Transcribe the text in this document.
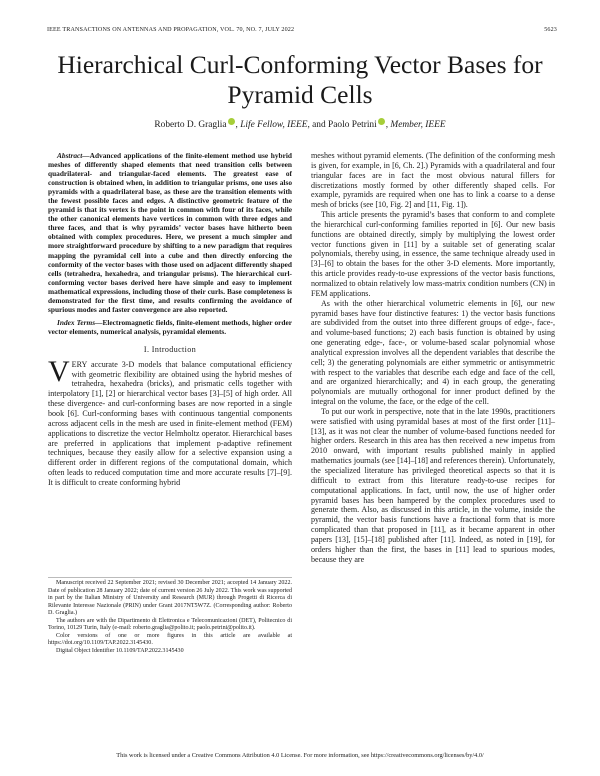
IEEE TRANSACTIONS ON ANTENNAS AND PROPAGATION, VOL. 70, NO. 7, JULY 2022	5623
Hierarchical Curl-Conforming Vector Bases for Pyramid Cells
Roberto D. Graglia , Life Fellow, IEEE, and Paolo Petrini , Member, IEEE

Abstract—Advanced applications of the finite-element method use hybrid meshes of differently shaped elements that need transition cells between quadrilateral- and triangular-faced elements. The greatest ease of construction is obtained when, in addition to triangular prisms, one uses also pyramids with a quadrilateral base, as these are the transition elements with the fewest possible faces and edges. A distinctive geometric feature of the pyramid is that its vertex is the point in common with four of its faces, while the other canonical elements have vertices in common with three edges and three faces, and that is why pyramids’ vector bases have hitherto been obtained with complex procedures. Here, we present a much simpler and more straightforward procedure by shifting to a new paradigm that requires mapping the pyramidal cell into a cube and then directly enforcing the conformity of the vector bases with those used on adjacent differently shaped cells (tetrahedra, hexahedra, and triangular prisms). The hierarchical curl-conforming vector bases derived here have simple and easy to implement mathematical expressions, including those of their curls. Base completeness is demonstrated for the first time, and results confirming the avoidance of spurious modes and faster convergence are also reported.

Index Terms—Electromagnetic fields, finite-element methods, higher order vector elements, numerical analysis, pyramidal elements.

I. Introduction

VERY accurate 3-D models that balance computational efficiency with geometric flexibility are obtained using the hybrid meshes of tetrahedra, hexahedra (bricks), and prismatic cells together with interpolatory [1], [2] or hierarchical vector bases [3]–[5] of high order. All these divergence- and curl-conforming bases are now reported in a single book [6]. Curl-conforming bases with continuous tangential components across adjacent cells in the mesh are used in finite-element method (FEM) applications to discretize the vector Helmholtz operator. Hierarchical bases are preferred in applications that implement p-adaptive refinement techniques, because they easily allow for a selective expansion using a different order in different regions of the computational domain, which often leads to reduced computation time and more accurate results [7]–[9]. It is difficult to create conforming hybrid

Manuscript received 22 September 2021; revised 30 December 2021; accepted 14 January 2022. Date of publication 28 January 2022; date of current version 26 July 2022. This work was supported in part by the Italian Ministry of University and Research (MUR) through Progetti di Ricerca di Rilevante Interesse Nazionale (PRIN) under Grant 2017NT5W7Z. (Corresponding author: Roberto D. Graglia.)

The authors are with the Dipartimento di Elettronica e Telecomunicazioni (DET), Politecnico di Torino, 10129 Turin, Italy (e-mail: roberto.graglia@polito.it; paolo.petrini@polito.it).

Color versions of one or more figures in this article are available at https://doi.org/10.1109/TAP.2022.3145430.

Digital Object Identifier 10.1109/TAP.2022.3145430

meshes without pyramid elements. (The definition of the conforming mesh is given, for example, in [6, Ch. 2].) Pyramids with a quadrilateral and four triangular faces are in fact the most obvious natural fillers for discretizations mostly formed by other differently shaped cells. For example, pyramids are required when one has to link a coarse to a dense mesh of bricks (see [10, Fig. 2] and [11, Fig. 1]).

This article presents the pyramid’s bases that conform to and complete the hierarchical curl-conforming families reported in [6]. Our new basis functions are obtained directly, simply by multiplying the lowest order vector functions given in [11] by a suitable set of generating scalar polynomials, thereby using, in essence, the same technique already used in [3]–[6] to obtain the bases for the other 3-D elements. More importantly, this article provides ready-to-use expressions of the vector basis functions, normalized to obtain relatively low mass-matrix condition numbers (CN) in FEM applications.

As with the other hierarchical volumetric elements in [6], our new pyramid bases have four distinctive features: 1) the vector basis functions are subdivided from the outset into three different groups of edge-, face-, and volume-based functions; 2) each basis function is obtained by using one generating edge-, face-, or volume-based scalar polynomial whose analytical expression involves all the dependent variables that describe the cell; 3) the generating polynomials are either symmetric or antisymmetric with respect to the variables that describe each edge and face of the cell, and are organized hierarchically; and 4) in each group, the generating polynomials are mutually orthogonal for inner product defined by the integral on the volume, the face, or the edge of the cell.

To put our work in perspective, note that in the late 1990s, practitioners were satisfied with using pyramidal bases at most of the first order [11]–[13], as it was not clear the number of volume-based functions needed for higher orders. Research in this area has then received a new impetus from 2010 onward, with important results published mainly in applied mathematics journals (see [14]–[18] and references therein). Unfortunately, the specialized literature has privileged theoretical aspects so that it is difficult to extract from this literature ready-to-use recipes for computational applications. In fact, until now, the use of higher order pyramid bases has been hampered by the complex procedures used to generate them. Also, as discussed in this article, in the volume, inside the pyramid, the vector basis functions have a fractional form that is more complicated than that proposed in [11], as it became apparent in other papers [13], [15]–[18] published after [11]. Indeed, as noted in [19], for orders higher than the first, the bases in [11] lead to spurious modes, because they are

This work is licensed under a Creative Commons Attribution 4.0 License. For more information, see https://creativecommons.org/licenses/by/4.0/
